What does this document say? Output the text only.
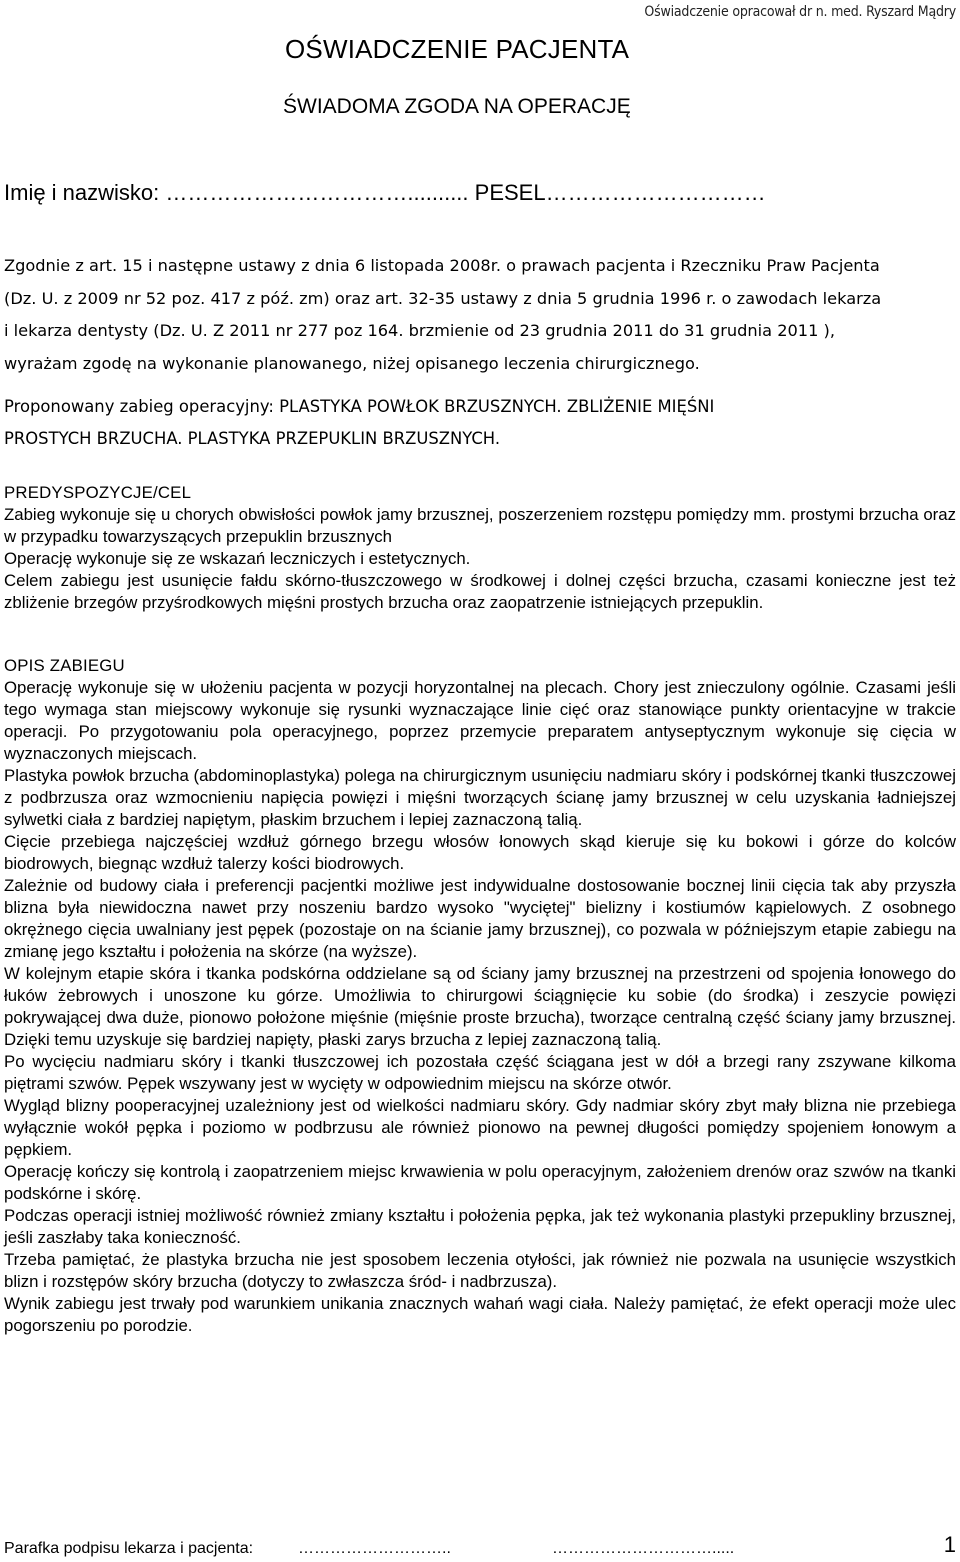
Oświadczenie opracował dr n. med. Ryszard Mądry
OŚWIADCZENIE PACJENTA
ŚWIADOMA ZGODA NA OPERACJĘ
Imię i nazwisko: …………………………….......... PESEL…………………………

Zgodnie z art. 15 i następne ustawy z dnia 6 listopada 2008r. o prawach pacjenta i Rzeczniku Praw Pacjenta

(Dz. U. z 2009 nr 52 poz. 417 z póź. zm) oraz art. 32-35 ustawy z dnia 5 grudnia 1996 r. o zawodach lekarza

i lekarza dentysty (Dz. U. Z 2011 nr 277 poz 164. brzmienie od 23 grudnia 2011 do 31 grudnia 2011 ),

wyrażam zgodę na wykonanie planowanego, niżej opisanego leczenia chirurgicznego.

Proponowany zabieg operacyjny: PLASTYKA POWŁOK BRZUSZNYCH. ZBLIŻENIE MIĘŚNI
PROSTYCH BRZUCHA. PLASTYKA PRZEPUKLIN BRZUSZNYCH.

PREDYSPOZYCJE/CEL

Zabieg wykonuje się u chorych obwisłości powłok jamy brzusznej, poszerzeniem rozstępu pomiędzy mm. prostymi brzucha oraz w przypadku towarzyszących przepuklin brzusznych

Operację wykonuje się ze wskazań leczniczych i estetycznych.

Celem zabiegu jest usunięcie fałdu skórno-tłuszczowego w środkowej i dolnej części brzucha, czasami konieczne jest też zbliżenie brzegów przyśrodkowych mięśni prostych brzucha oraz zaopatrzenie istniejących przepuklin.

OPIS ZABIEGU

Operację wykonuje się w ułożeniu pacjenta w pozycji horyzontalnej na plecach. Chory jest znieczulony ogólnie. Czasami jeśli tego wymaga stan miejscowy wykonuje się rysunki wyznaczające linie cięć oraz stanowiące punkty orientacyjne w trakcie operacji. Po przygotowaniu pola operacyjnego, poprzez przemycie preparatem antyseptycznym wykonuje się cięcia w wyznaczonych miejscach.

Plastyka powłok brzucha (abdominoplastyka) polega na chirurgicznym usunięciu nadmiaru skóry i podskórnej tkanki tłuszczowej z podbrzusza oraz wzmocnieniu napięcia powięzi i mięśni tworzących ścianę jamy brzusznej w celu uzyskania ładniejszej sylwetki ciała z bardziej napiętym, płaskim brzuchem i lepiej zaznaczoną talią.

Cięcie przebiega najczęściej wzdłuż górnego brzegu włosów łonowych skąd kieruje się ku bokowi i górze do kolców biodrowych, biegnąc wzdłuż talerzy kości biodrowych.

Zależnie od budowy ciała i preferencji pacjentki możliwe jest indywidualne dostosowanie bocznej linii cięcia tak aby przyszła blizna była niewidoczna nawet przy noszeniu bardzo wysoko "wyciętej" bielizny i kostiumów kąpielowych. Z osobnego okrężnego cięcia uwalniany jest pępek (pozostaje on na ścianie jamy brzusznej), co pozwala w późniejszym etapie zabiegu na zmianę jego kształtu i położenia na skórze (na wyższe).

W kolejnym etapie skóra i tkanka podskórna oddzielane są od ściany jamy brzusznej na przestrzeni od spojenia łonowego do łuków żebrowych i unoszone ku górze. Umożliwia to chirurgowi ściągnięcie ku sobie (do środka) i zeszycie powięzi pokrywającej dwa duże, pionowo położone mięśnie (mięśnie proste brzucha), tworzące centralną część ściany jamy brzusznej. Dzięki temu uzyskuje się bardziej napięty, płaski zarys brzucha z lepiej zaznaczoną talią.

Po wycięciu nadmiaru skóry i tkanki tłuszczowej ich pozostała część ściągana jest w dół a brzegi rany zszywane kilkoma piętrami szwów. Pępek wszywany jest w wycięty w odpowiednim miejscu na skórze otwór.

Wygląd blizny pooperacyjnej uzależniony jest od wielkości nadmiaru skóry. Gdy nadmiar skóry zbyt mały blizna nie przebiega wyłącznie wokół pępka i poziomo w podbrzusu ale również pionowo na pewnej długości pomiędzy spojeniem łonowym a pępkiem.

Operację kończy się kontrolą i zaopatrzeniem miejsc krwawienia w polu operacyjnym, założeniem drenów oraz szwów na tkanki podskórne i skórę.

Podczas operacji istniej możliwość również zmiany kształtu i położenia pępka, jak też wykonania plastyki przepukliny brzusznej, jeśli zaszłaby taka konieczność.

Trzeba pamiętać, że plastyka brzucha nie jest sposobem leczenia otyłości, jak również nie pozwala na usunięcie wszystkich blizn i rozstępów skóry brzucha (dotyczy to zwłaszcza śród- i nadbrzusza).

Wynik zabiegu jest trwały pod warunkiem unikania znacznych wahań wagi ciała. Należy pamiętać, że efekt operacji może ulec pogorszeniu po porodzie.

Parafka podpisu lekarza i pacjenta:	………………………..	………………………….....	1
